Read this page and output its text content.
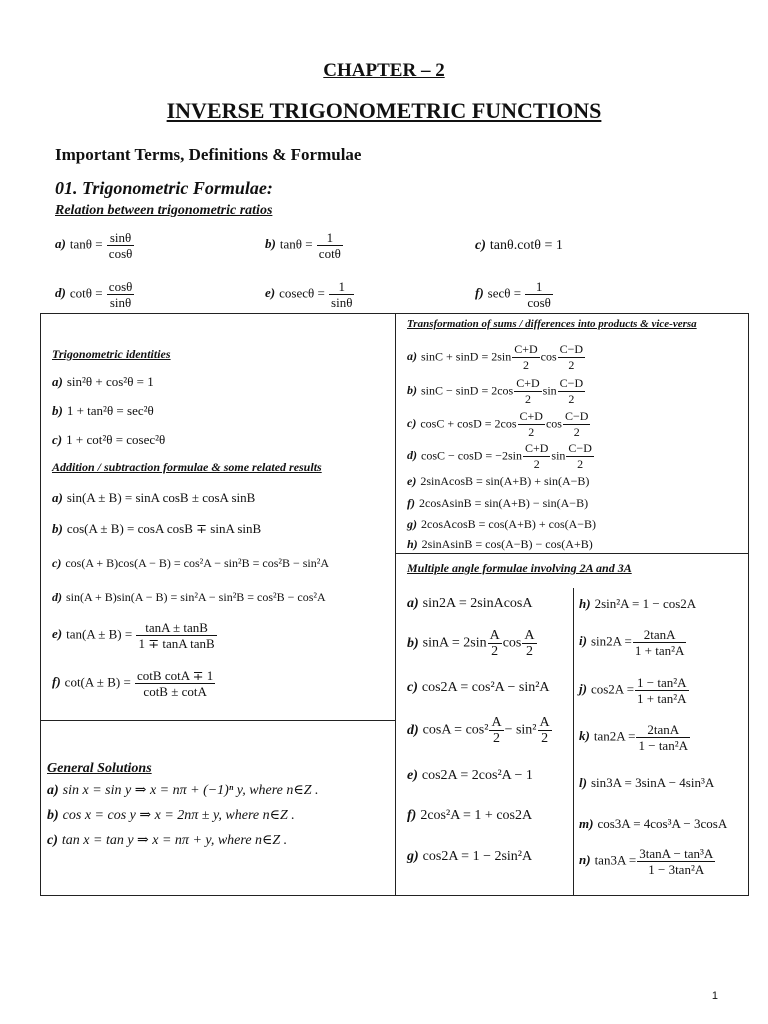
CHAPTER – 2
INVERSE TRIGONOMETRIC FUNCTIONS
Important Terms, Definitions & Formulae
01. Trigonometric Formulae:
Relation between trigonometric ratios
a) $\tan\theta = \frac{\sin\theta}{\cos\theta}$	b) $\tan\theta = \frac{1}{\cot\theta}$	c) tanθ.cotθ = 1
d) $\cot\theta = \frac{\cos\theta}{\sin\theta}$	e) $cosec\theta = \frac{1}{\sin\theta}$	f) $\sec\theta = \frac{1}{\cos\theta}$
Trigonometric identities
a) sin²θ + cos²θ = 1
b) 1 + tan²θ = sec²θ
c) 1 + cot²θ = cosec²θ
Addition / subtraction formulae & some related results
a) sin(A ± B) = sinA cosB ± cosA sinB
b) cos(A ± B) = cosA cosB ∓ sinA sinB
c) cos(A + B)cos(A − B) = cos²A − sin²B = cos²B − sin²A
d) sin(A + B)sin(A − B) = sin²A − sin²B = cos²B − cos²A
e) $\tan(A \pm B) = \frac{\tan A \pm \tan B}{\text{1 ∓ tanA tanB}}$
f) $\cot(A \pm B) = \frac{\text{cotB cotA ∓ 1}}{\cot B \pm \cot A}$
General Solutions
a) sin x = sin y ⇒ x = nπ + (−1)ⁿ y, where n∈Z .
b) cos x = cos y ⇒ x = 2nπ ± y, where n∈Z .
c) tan x = tan y ⇒ x = nπ + y, where n∈Z .
Transformation of sums / differences into products & vice-versa
a) $\sin C + \sin D = 2\sin \frac{C+D}{2}$ $\cos \frac{C-D}{2}$
b) $\sin C - \sin D = 2\cos \frac{C+D}{2}$ $\sin \frac{C-D}{2}$
c) $\cos C + \cos D = 2\cos \frac{C+D}{2}$ $\cos \frac{C-D}{2}$
d) $\cos C - \cos D = -2\sin \frac{C+D}{2}$ $\sin \frac{C-D}{2}$
e) 2sinAcosB = sin(A+B) + sin(A−B)
f) 2cosAsinB = sin(A+B) − sin(A−B)
g) 2cosAcosB = cos(A+B) + cos(A−B)
h) 2sinAsinB = cos(A−B) − cos(A+B)
Multiple angle formulae involving 2A and 3A
a) sin2A = 2sinAcosA
b) $\sin A = 2\sin \frac{A}{2}$ $\cos \frac{A}{2}$
c) cos2A = cos²A − sin²A
d) $\cos A = \cos^2 \frac{A}{2} - \sin^2 \frac{A}{2}$
e) cos2A = 2cos²A − 1
f) 2cos²A = 1 + cos2A
g) cos2A = 1 − 2sin²A
h) 2sin²A = 1 − cos2A
i) $\sin 2A = \frac{2\tan A}{\text{1 + tan²A}}$
j) $\cos 2A = \frac{\text{1 − tan²A}}{\text{1 + tan²A}}$
k) $\tan 2A = \frac{2\tan A}{\text{1 − tan²A}}$
l) sin3A = 3sinA − 4sin³A
m) cos3A = 4cos³A − 3cosA
n) $\tan 3A = \frac{\text{3tanA − tan³A}}{\text{1 − 3tan²A}}$
1
